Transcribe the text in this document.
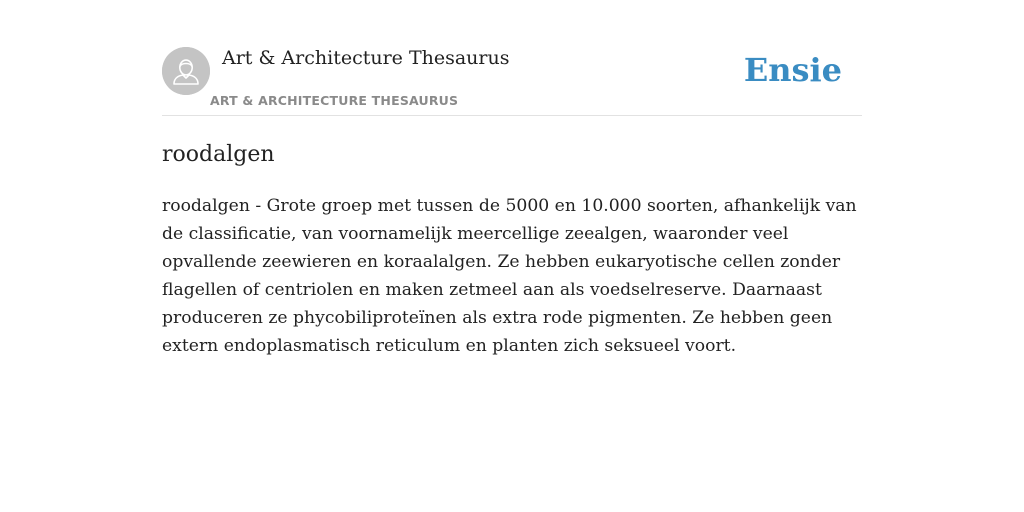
Art & Architecture Thesaurus
ART & ARCHITECTURE THESAURUS
Ensie
roodalgen

roodalgen - Grote groep met tussen de 5000 en 10.000 soorten, afhankelijk van de classificatie, van voornamelijk meercellige zeealgen, waaronder veel opvallende zeewieren en koraalalgen. Ze hebben eukaryotische cellen zonder flagellen of centriolen en maken zetmeel aan als voedselreserve. Daarnaast produceren ze phycobiliproteïnen als extra rode pigmenten. Ze hebben geen extern endoplasmatisch reticulum en planten zich seksueel voort.
